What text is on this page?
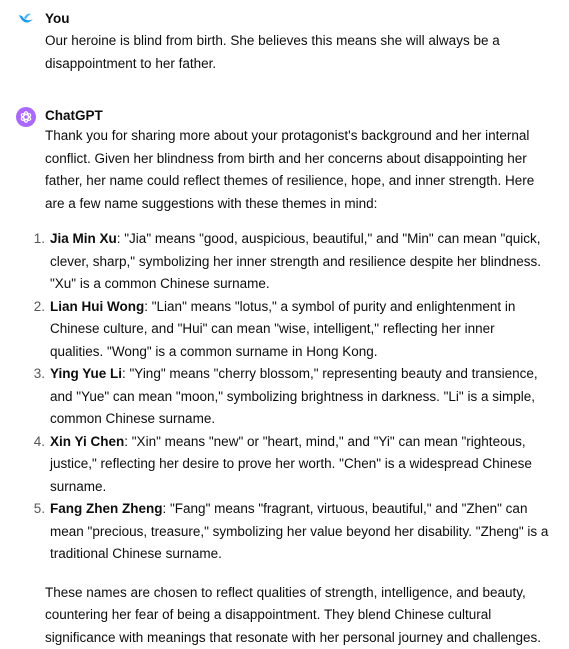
You

Our heroine is blind from birth. She believes this means she will always be a disappointment to her father.

ChatGPT

Thank you for sharing more about your protagonist's background and her internal conflict. Given her blindness from birth and her concerns about disappointing her father, her name could reflect themes of resilience, hope, and inner strength. Here are a few name suggestions with these themes in mind:

1. Jia Min Xu: "Jia" means "good, auspicious, beautiful," and "Min" can mean "quick, clever, sharp," symbolizing her inner strength and resilience despite her blindness. "Xu" is a common Chinese surname.
2. Lian Hui Wong: "Lian" means "lotus," a symbol of purity and enlightenment in Chinese culture, and "Hui" can mean "wise, intelligent," reflecting her inner qualities. "Wong" is a common surname in Hong Kong.
3. Ying Yue Li: "Ying" means "cherry blossom," representing beauty and transience, and "Yue" can mean "moon," symbolizing brightness in darkness. "Li" is a simple, common Chinese surname.
4. Xin Yi Chen: "Xin" means "new" or "heart, mind," and "Yi" can mean "righteous, justice," reflecting her desire to prove her worth. "Chen" is a widespread Chinese surname.
5. Fang Zhen Zheng: "Fang" means "fragrant, virtuous, beautiful," and "Zhen" can mean "precious, treasure," symbolizing her value beyond her disability. "Zheng" is a traditional Chinese surname.

These names are chosen to reflect qualities of strength, intelligence, and beauty, countering her fear of being a disappointment. They blend Chinese cultural significance with meanings that resonate with her personal journey and challenges.
